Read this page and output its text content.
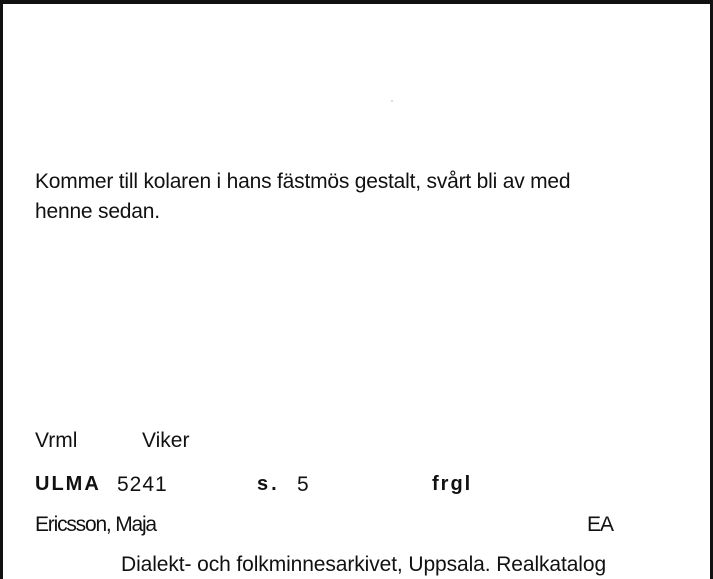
Kommer till kolaren i hans fästmös gestalt, svårt bli av med
henne sedan.
Vrml	Viker
ULMA 5241	s. 5	frgl
Ericsson, Maja	EA
Dialekt- och folkminnesarkivet, Uppsala. Realkatalog
